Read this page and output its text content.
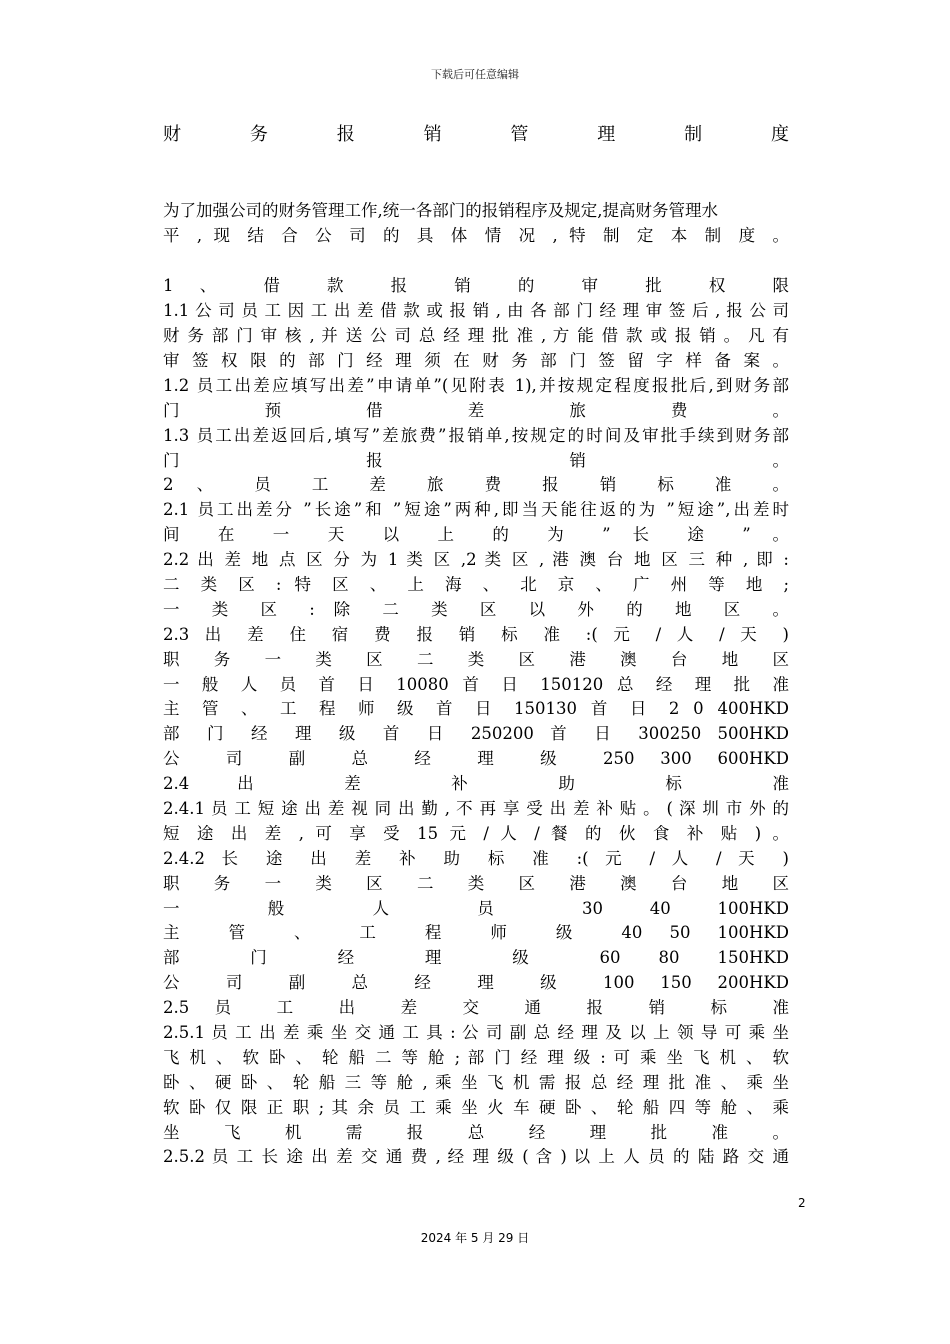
下载后可任意编辑
财 务 报 销 管 理 制 度
为了加强公司的财务管理工作,统一各部门的报销程序及规定,提高财务管理水
平 , 现 结 合 公 司 的 具 体 情 况 , 特 制 定 本 制 度 。
1 、 借 款 报 销 的 审 批 权 限
1.1 公 司 员 工 因 工 出 差 借 款 或 报 销 , 由 各 部 门 经 理 审 签 后 , 报 公 司
财 务 部 门 审 核 , 并 送 公 司 总 经 理 批 准 , 方 能 借 款 或 报 销 。 凡 有
审 签 权 限 的 部 门 经 理 须 在 财 务 部 门 签 留 字 样 备 案 。
1.2 员工出差应填写出差”申请单”(见附表 1),并按规定程度报批后,到财务部
门 预 借 差 旅 费 。
1.3 员工出差返回后,填写”差旅费”报销单,按规定的时间及审批手续到财务部
门 报 销 。
2 、 员 工 差 旅 费 报 销 标 准 。
2.1 员工出差分 ”长途”和 ”短途”两种,即当天能往返的为 ”短途”,出差时
间 在 一 天 以 上 的 为 ” 长 途 ” 。
2.2 出 差 地 点 区 分 为 1 类 区 ,2 类 区 , 港 澳 台 地 区 三 种 , 即 :
二 类 区 : 特 区 、 上 海 、 北 京 、 广 州 等 地 ;
一 类 区 : 除 二 类 区 以 外 的 地 区 。
2.3 出 差 住 宿 费 报 销 标 准 :( 元 / 人 / 天 )
职 务 一 类 区 二 类 区 港 澳 台 地 区
一 般 人 员 首 日 10080 首 日 150120 总 经 理 批 准
主 管 、 工 程 师 级 首 日 150130 首 日 2 0 400HKD
部 门 经 理 级 首 日 250200 首 日 300250 500HKD
公 司 副 总 经 理 级 250 300 600HKD
2.4 出 差 补 助 标 准
2.4.1 员 工 短 途 出 差 视 同 出 勤 , 不 再 享 受 出 差 补 贴 。 ( 深 圳 市 外 的
短 途 出 差 , 可 享 受 15 元 / 人 / 餐 的 伙 食 补 贴 ) 。
2.4.2 长 途 出 差 补 助 标 准 :( 元 / 人 / 天 )
职 务 一 类 区 二 类 区 港 澳 台 地 区
一 般 人 员 30 40 100HKD
主 管 、 工 程 师 级 40 50 100HKD
部 门 经 理 级 60 80 150HKD
公 司 副 总 经 理 级 100 150 200HKD
2.5 员 工 出 差 交 通 报 销 标 准
2.5.1 员 工 出 差 乘 坐 交 通 工 具 : 公 司 副 总 经 理 及 以 上 领 导 可 乘 坐
飞 机 、 软 卧 、 轮 船 二 等 舱 ; 部 门 经 理 级 : 可 乘 坐 飞 机 、 软
卧 、 硬 卧 、 轮 船 三 等 舱 , 乘 坐 飞 机 需 报 总 经 理 批 准 、 乘 坐
软 卧 仅 限 正 职 ; 其 余 员 工 乘 坐 火 车 硬 卧 、 轮 船 四 等 舱 、 乘
坐 飞 机 需 报 总 经 理 批 准 。
2.5.2 员 工 长 途 出 差 交 通 费 , 经 理 级 ( 含 ) 以 上 人 员 的 陆 路 交 通
2
2024 年 5 月 29 日
